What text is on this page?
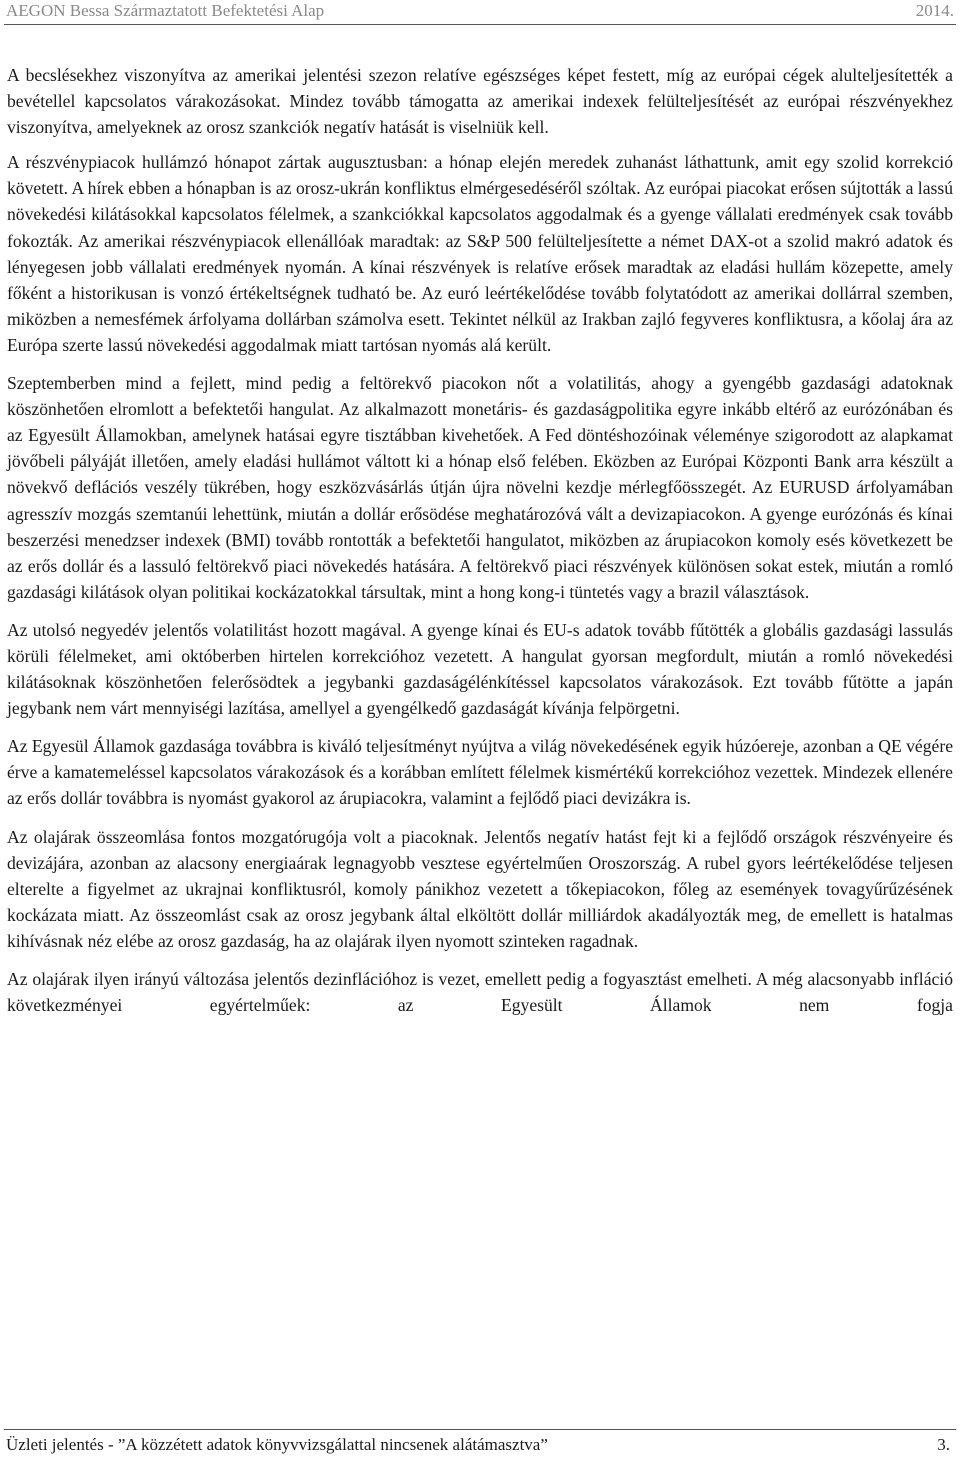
AEGON Bessa Származtatott Befektetési Alap	2014.

A becslésekhez viszonyítva az amerikai jelentési szezon relatíve egészséges képet festett, míg az európai cégek alulteljesítették a bevétellel kapcsolatos várakozásokat. Mindez tovább támogatta az amerikai indexek felülteljesítését az európai részvényekhez viszonyítva, amelyeknek az orosz szankciók negatív hatását is viselniük kell.

A részvénypiacok hullámzó hónapot zártak augusztusban: a hónap elején meredek zuhanást láthattunk, amit egy szolid korrekció követett. A hírek ebben a hónapban is az orosz-ukrán konfliktus elmérgesedéséről szóltak. Az európai piacokat erősen sújtották a lassú növekedési kilátásokkal kapcsolatos félelmek, a szankciókkal kapcsolatos aggodalmak és a gyenge vállalati eredmények csak tovább fokozták. Az amerikai részvénypiacok ellenállóak maradtak: az S&P 500 felülteljesítette a német DAX-ot a szolid makró adatok és lényegesen jobb vállalati eredmények nyomán. A kínai részvények is relatíve erősek maradtak az eladási hullám közepette, amely főként a historikusan is vonzó értékeltségnek tudható be. Az euró leértékelődése tovább folytatódott az amerikai dollárral szemben, miközben a nemesfémek árfolyama dollárban számolva esett. Tekintet nélkül az Irakban zajló fegyveres konfliktusra, a kőolaj ára az Európa szerte lassú növekedési aggodalmak miatt tartósan nyomás alá került.

Szeptemberben mind a fejlett, mind pedig a feltörekvő piacokon nőt a volatilitás, ahogy a gyengébb gazdasági adatoknak köszönhetően elromlott a befektetői hangulat. Az alkalmazott monetáris- és gazdaságpolitika egyre inkább eltérő az eurózónában és az Egyesült Államokban, amelynek hatásai egyre tisztábban kivehetőek. A Fed döntéshozóinak véleménye szigorodott az alapkamat jövőbeli pályáját illetően, amely eladási hullámot váltott ki a hónap első felében. Eközben az Európai Központi Bank arra készült a növekvő deflációs veszély tükrében, hogy eszközvásárlás útján újra növelni kezdje mérlegfőösszegét. Az EURUSD árfolyamában agresszív mozgás szemtanúi lehettünk, miután a dollár erősödése meghatározóvá vált a devizapiacokon. A gyenge eurózónás és kínai beszerzési menedzser indexek (BMI) tovább rontották a befektetői hangulatot, miközben az árupiacokon komoly esés következett be az erős dollár és a lassuló feltörekvő piaci növekedés hatására. A feltörekvő piaci részvények különösen sokat estek, miután a romló gazdasági kilátások olyan politikai kockázatokkal társultak, mint a hong kong-i tüntetés vagy a brazil választások.

Az utolsó negyedév jelentős volatilitást hozott magával. A gyenge kínai és EU-s adatok tovább fűtötték a globális gazdasági lassulás körüli félelmeket, ami októberben hirtelen korrekcióhoz vezetett. A hangulat gyorsan megfordult, miután a romló növekedési kilátásoknak köszönhetően felerősödtek a jegybanki gazdaságélénkítéssel kapcsolatos várakozások. Ezt tovább fűtötte a japán jegybank nem várt mennyiségi lazítása, amellyel a gyengélkedő gazdaságát kívánja felpörgetni.

Az Egyesül Államok gazdasága továbbra is kiváló teljesítményt nyújtva a világ növekedésének egyik húzóereje, azonban a QE végére érve a kamatemeléssel kapcsolatos várakozások és a korábban említett félelmek kismértékű korrekcióhoz vezettek. Mindezek ellenére az erős dollár továbbra is nyomást gyakorol az árupiacokra, valamint a fejlődő piaci devizákra is.

Az olajárak összeomlása fontos mozgatórugója volt a piacoknak. Jelentős negatív hatást fejt ki a fejlődő országok részvényeire és devizájára, azonban az alacsony energiaárak legnagyobb vesztese egyértelműen Oroszország. A rubel gyors leértékelődése teljesen elterelte a figyelmet az ukrajnai konfliktusról, komoly pánikhoz vezetett a tőkepiacokon, főleg az események tovagyűrűzésének kockázata miatt. Az összeomlást csak az orosz jegybank által elköltött dollár milliárdok akadályozták meg, de emellett is hatalmas kihívásnak néz elébe az orosz gazdaság, ha az olajárak ilyen nyomott szinteken ragadnak.

Az olajárak ilyen irányú változása jelentős dezinflációhoz is vezet, emellett pedig a fogyasztást emelheti. A még alacsonyabb infláció következményei egyértelműek: az Egyesült Államok nem fogja

Üzleti jelentés - ”A közzétett adatok könyvvizsgálattal nincsenek alátámasztva”	3.
